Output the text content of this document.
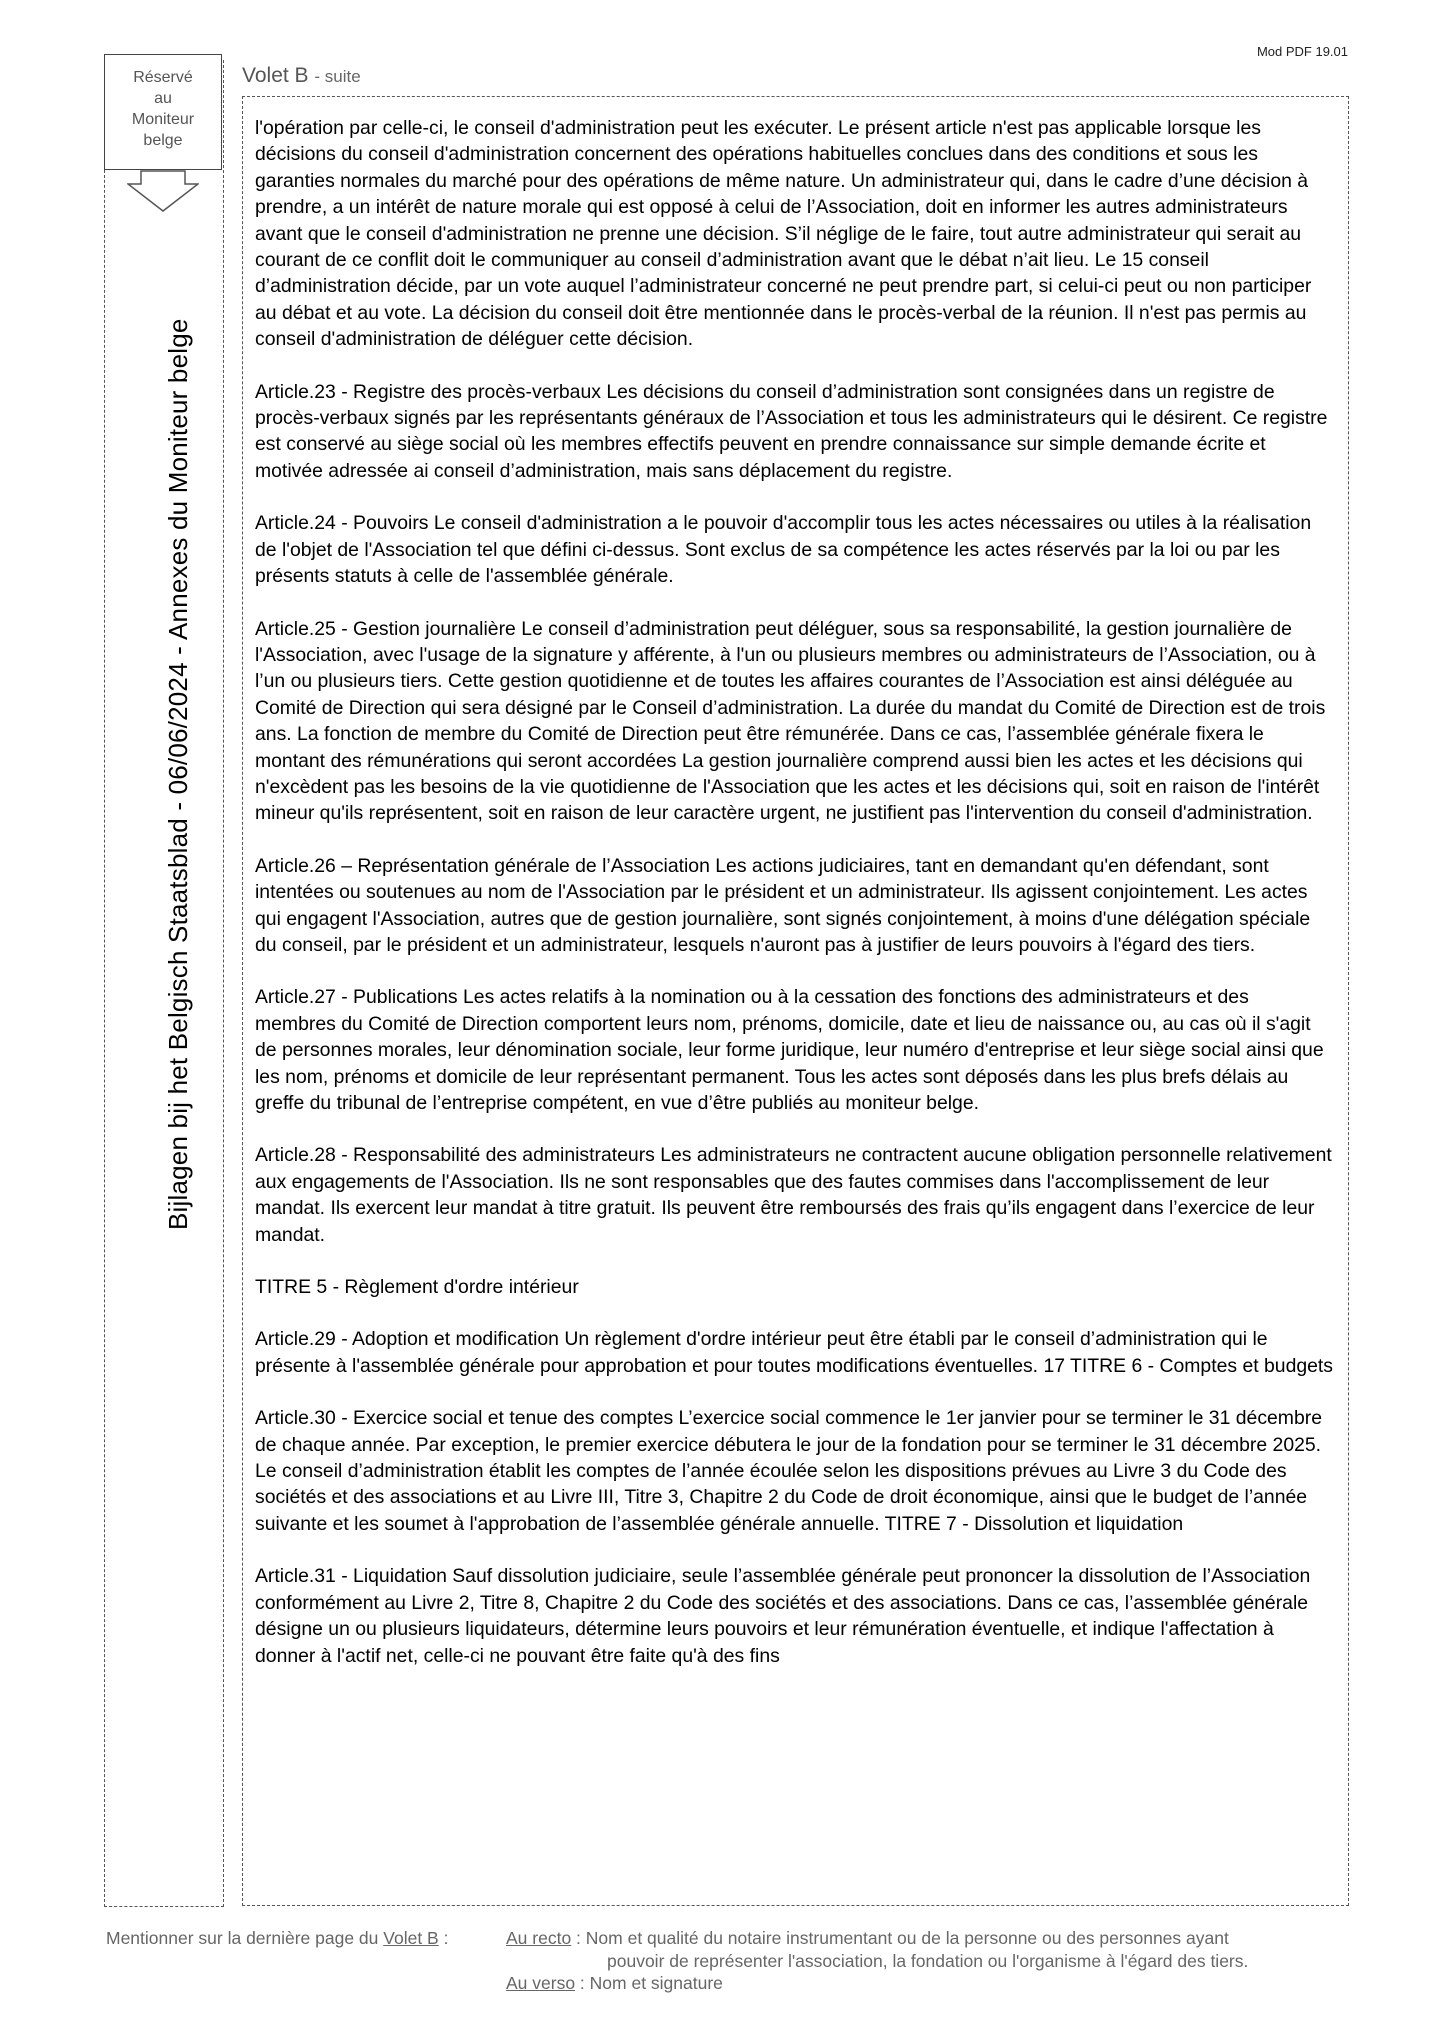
Mod PDF 19.01
Réservé
au
Moniteur
belge
Bijlagen bij het Belgisch Staatsblad - 06/06/2024 - Annexes du Moniteur belge
Volet B - suite

l'opération par celle-ci, le conseil d'administration peut les exécuter. Le présent article n'est pas applicable lorsque les décisions du conseil d'administration concernent des opérations habituelles conclues dans des conditions et sous les garanties normales du marché pour des opérations de même nature. Un administrateur qui, dans le cadre d’une décision à prendre, a un intérêt de nature morale qui est opposé à celui de l’Association, doit en informer les autres administrateurs avant que le conseil d'administration ne prenne une décision. S’il néglige de le faire, tout autre administrateur qui serait au courant de ce conflit doit le communiquer au conseil d’administration avant que le débat n’ait lieu. Le 15 conseil d’administration décide, par un vote auquel l’administrateur concerné ne peut prendre part, si celui-ci peut ou non participer au débat et au vote. La décision du conseil doit être mentionnée dans le procès-verbal de la réunion. Il n'est pas permis au conseil d'administration de déléguer cette décision.

Article.23 - Registre des procès-verbaux Les décisions du conseil d’administration sont consignées dans un registre de procès-verbaux signés par les représentants généraux de l’Association et tous les administrateurs qui le désirent. Ce registre est conservé au siège social où les membres effectifs peuvent en prendre connaissance sur simple demande écrite et motivée adressée ai conseil d’administration, mais sans déplacement du registre.

Article.24 - Pouvoirs Le conseil d'administration a le pouvoir d'accomplir tous les actes nécessaires ou utiles à la réalisation de l'objet de l'Association tel que défini ci-dessus. Sont exclus de sa compétence les actes réservés par la loi ou par les présents statuts à celle de l'assemblée générale.

Article.25 - Gestion journalière Le conseil d’administration peut déléguer, sous sa responsabilité, la gestion journalière de l'Association, avec l'usage de la signature y afférente, à l'un ou plusieurs membres ou administrateurs de l’Association, ou à l’un ou plusieurs tiers. Cette gestion quotidienne et de toutes les affaires courantes de l’Association est ainsi déléguée au Comité de Direction qui sera désigné par le Conseil d’administration. La durée du mandat du Comité de Direction est de trois ans. La fonction de membre du Comité de Direction peut être rémunérée. Dans ce cas, l’assemblée générale fixera le montant des rémunérations qui seront accordées La gestion journalière comprend aussi bien les actes et les décisions qui n'excèdent pas les besoins de la vie quotidienne de l'Association que les actes et les décisions qui, soit en raison de l'intérêt mineur qu'ils représentent, soit en raison de leur caractère urgent, ne justifient pas l'intervention du conseil d'administration.

Article.26 – Représentation générale de l’Association Les actions judiciaires, tant en demandant qu'en défendant, sont intentées ou soutenues au nom de l'Association par le président et un administrateur. Ils agissent conjointement. Les actes qui engagent l'Association, autres que de gestion journalière, sont signés conjointement, à moins d'une délégation spéciale du conseil, par le président et un administrateur, lesquels n'auront pas à justifier de leurs pouvoirs à l'égard des tiers.

Article.27 - Publications Les actes relatifs à la nomination ou à la cessation des fonctions des administrateurs et des membres du Comité de Direction comportent leurs nom, prénoms, domicile, date et lieu de naissance ou, au cas où il s'agit de personnes morales, leur dénomination sociale, leur forme juridique, leur numéro d'entreprise et leur siège social ainsi que les nom, prénoms et domicile de leur représentant permanent. Tous les actes sont déposés dans les plus brefs délais au greffe du tribunal de l’entreprise compétent, en vue d’être publiés au moniteur belge.

Article.28 - Responsabilité des administrateurs Les administrateurs ne contractent aucune obligation personnelle relativement aux engagements de l'Association. Ils ne sont responsables que des fautes commises dans l'accomplissement de leur mandat. Ils exercent leur mandat à titre gratuit. Ils peuvent être remboursés des frais qu’ils engagent dans l’exercice de leur mandat.

TITRE 5 - Règlement d'ordre intérieur

Article.29 - Adoption et modification Un règlement d'ordre intérieur peut être établi par le conseil d’administration qui le présente à l'assemblée générale pour approbation et pour toutes modifications éventuelles. 17 TITRE 6 - Comptes et budgets

Article.30 - Exercice social et tenue des comptes L’exercice social commence le 1er janvier pour se terminer le 31 décembre de chaque année. Par exception, le premier exercice débutera le jour de la fondation pour se terminer le 31 décembre 2025. Le conseil d’administration établit les comptes de l’année écoulée selon les dispositions prévues au Livre 3 du Code des sociétés et des associations et au Livre III, Titre 3, Chapitre 2 du Code de droit économique, ainsi que le budget de l’année suivante et les soumet à l'approbation de l’assemblée générale annuelle. TITRE 7 - Dissolution et liquidation

Article.31 - Liquidation Sauf dissolution judiciaire, seule l’assemblée générale peut prononcer la dissolution de l’Association conformément au Livre 2, Titre 8, Chapitre 2 du Code des sociétés et des associations. Dans ce cas, l’assemblée générale désigne un ou plusieurs liquidateurs, détermine leurs pouvoirs et leur rémunération éventuelle, et indique l'affectation à donner à l'actif net, celle-ci ne pouvant être faite qu'à des fins

Mentionner sur la dernière page du Volet B :	Au recto : Nom et qualité du notaire instrumentant ou de la personne ou des personnes ayant
pouvoir de représenter l'association, la fondation ou l'organisme à l'égard des tiers.
Au verso : Nom et signature
